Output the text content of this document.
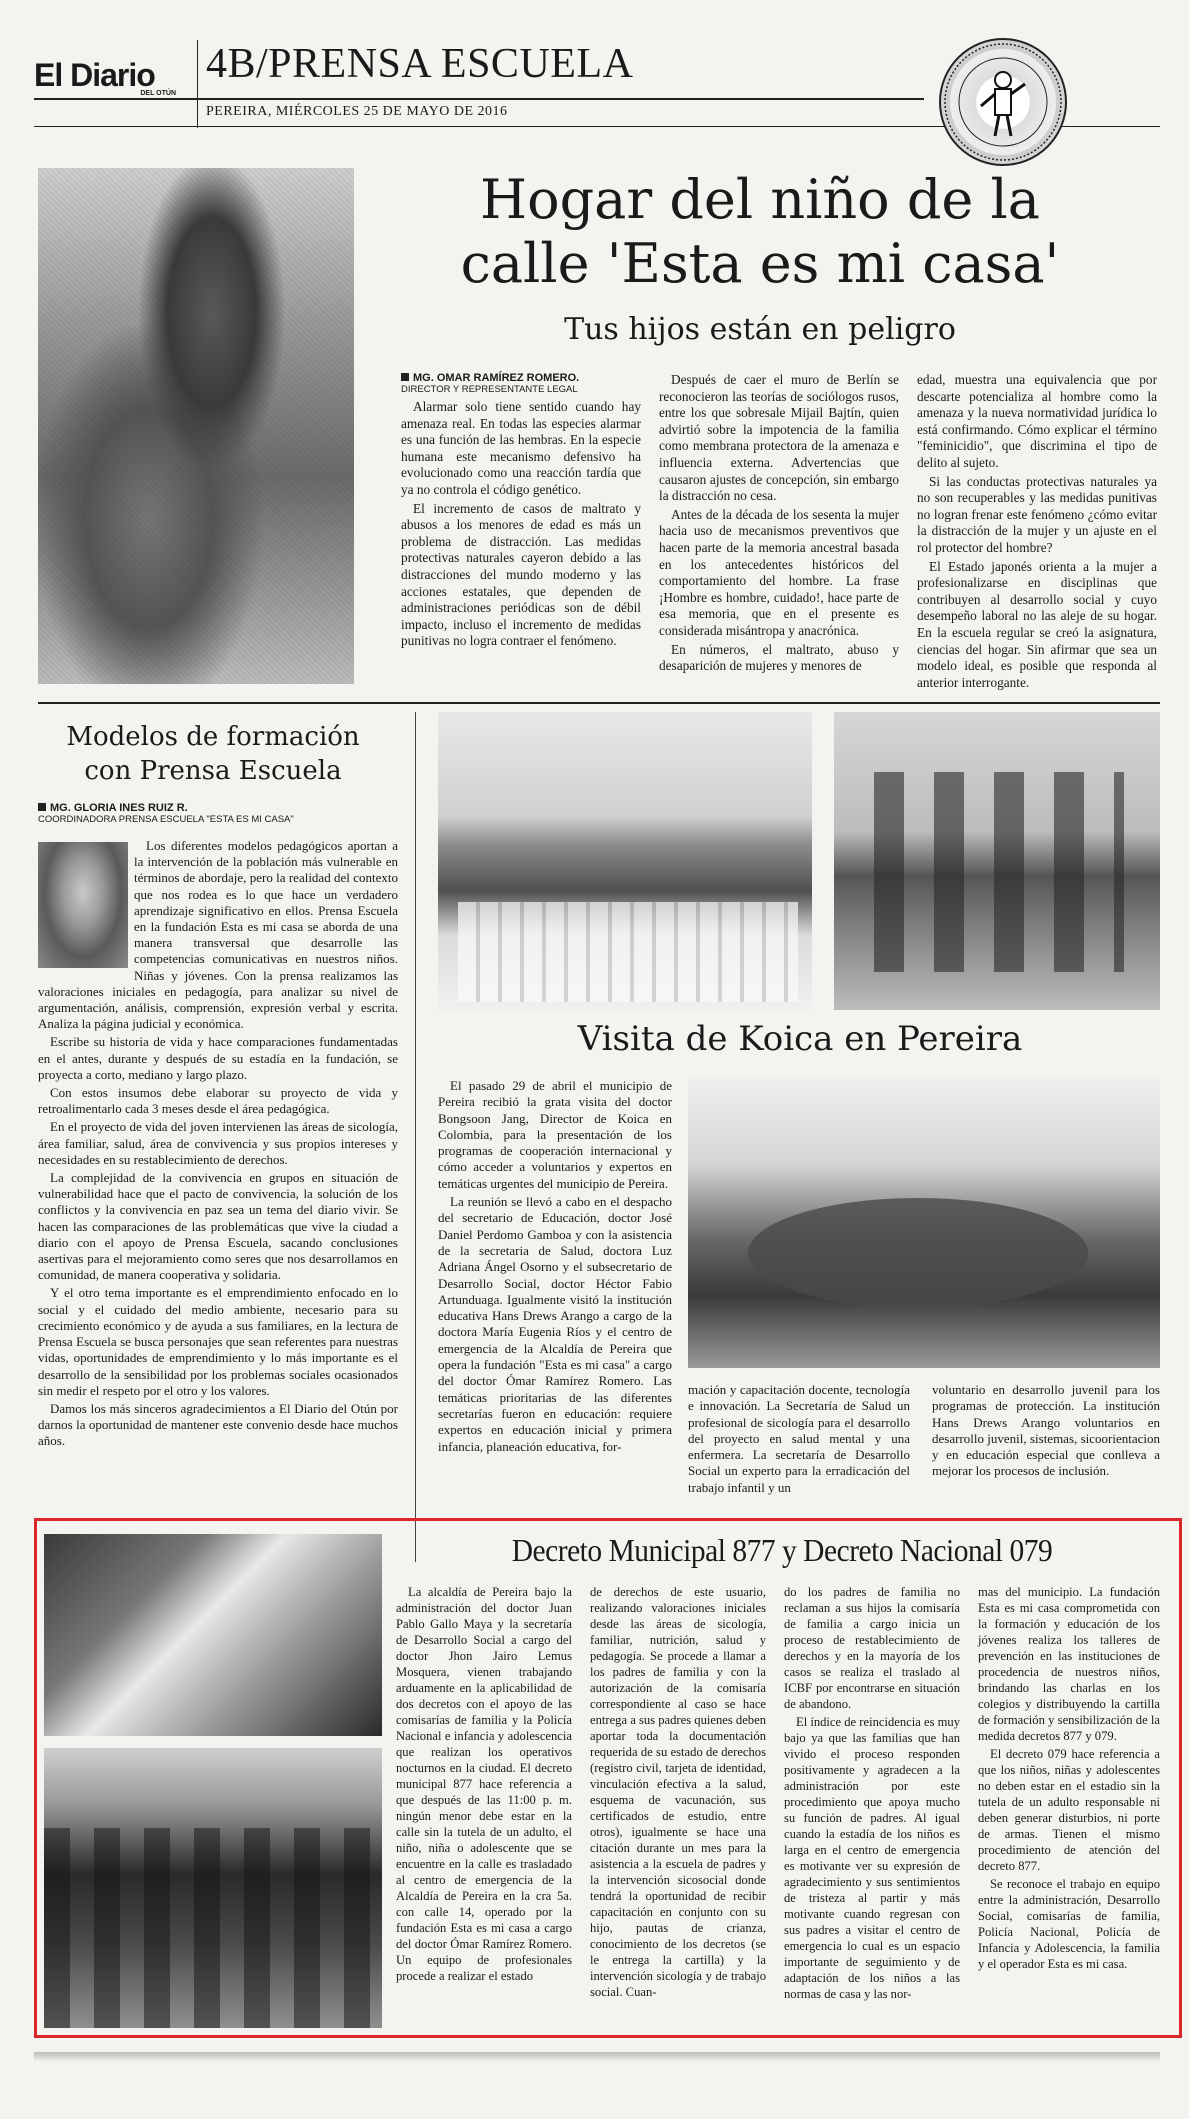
El Diario
DEL OTÚN
4B/PRENSA ESCUELA
PEREIRA, MIÉRCOLES 25 DE MAYO DE 2016
Hogar del niño de la
calle 'Esta es mi casa'
Tus hijos están en peligro

MG. OMAR RAMÍREZ ROMERO.

DIRECTOR Y REPRESENTANTE LEGAL

Alarmar solo tiene sentido cuando hay amenaza real. En todas las especies alarmar es una función de las hembras. En la especie humana este mecanismo defensivo ha evolucionado como una reacción tardía que ya no controla el código genético.

El incremento de casos de maltrato y abusos a los menores de edad es más un problema de distracción. Las medidas protectivas naturales cayeron debido a las distracciones del mundo moderno y las acciones estatales, que dependen de administraciones periódicas son de débil impacto, incluso el incremento de medidas punitivas no logra contraer el fenómeno.

Después de caer el muro de Berlín se reconocieron las teorías de sociólogos rusos, entre los que sobresale Mijail Bajtín, quien advirtió sobre la impotencia de la familia como membrana protectora de la amenaza e influencia externa. Advertencias que causaron ajustes de concepción, sin embargo la distracción no cesa.

Antes de la década de los sesenta la mujer hacia uso de mecanismos preventivos que hacen parte de la memoria ancestral basada en los antecedentes históricos del comportamiento del hombre. La frase ¡Hombre es hombre, cuidado!, hace parte de esa memoria, que en el presente es considerada misántropa y anacrónica.

En números, el maltrato, abuso y desaparición de mujeres y menores de

edad, muestra una equivalencia que por descarte potencializa al hombre como la amenaza y la nueva normatividad jurídica lo está confirmando. Cómo explicar el término "feminicidio", que discrimina el tipo de delito al sujeto.

Si las conductas protectivas naturales ya no son recuperables y las medidas punitivas no logran frenar este fenómeno ¿cómo evitar la distracción de la mujer y un ajuste en el rol protector del hombre?

El Estado japonés orienta a la mujer a profesionalizarse en disciplinas que contribuyen al desarrollo social y cuyo desempeño laboral no las aleje de su hogar. En la escuela regular se creó la asignatura, ciencias del hogar. Sin afirmar que sea un modelo ideal, es posible que responda al anterior interrogante.

Modelos de formación
con Prensa Escuela

MG. GLORIA INES RUIZ R.

COORDINADORA PRENSA ESCUELA "ESTA ES MI CASA"

Los diferentes modelos pedagógicos aportan a la intervención de la población más vulnerable en términos de abordaje, pero la realidad del contexto que nos rodea es lo que hace un verdadero aprendizaje significativo en ellos. Prensa Escuela en la fundación Esta es mi casa se aborda de una manera transversal que desarrolle las competencias comunicativas en nuestros niños. Niñas y jóvenes. Con la prensa realizamos las valoraciones iniciales en pedagogía, para analizar su nivel de argumentación, análisis, comprensión, expresión verbal y escrita. Analiza la página judicial y económica.

Escribe su historia de vida y hace comparaciones fundamentadas en el antes, durante y después de su estadía en la fundación, se proyecta a corto, mediano y largo plazo.

Con estos insumos debe elaborar su proyecto de vida y retroalimentarlo cada 3 meses desde el área pedagógica.

En el proyecto de vida del joven intervienen las áreas de sicología, área familiar, salud, área de convivencia y sus propios intereses y necesidades en su restablecimiento de derechos.

La complejidad de la convivencia en grupos en situación de vulnerabilidad hace que el pacto de convivencia, la solución de los conflictos y la convivencia en paz sea un tema del diario vivir. Se hacen las comparaciones de las problemáticas que vive la ciudad a diario con el apoyo de Prensa Escuela, sacando conclusiones asertivas para el mejoramiento como seres que nos desarrollamos en comunidad, de manera cooperativa y solidaria.

Y el otro tema importante es el emprendimiento enfocado en lo social y el cuidado del medio ambiente, necesario para su crecimiento económico y de ayuda a sus familiares, en la lectura de Prensa Escuela se busca personajes que sean referentes para nuestras vidas, oportunidades de emprendimiento y lo más importante es el desarrollo de la sensibilidad por los problemas sociales ocasionados sin medir el respeto por el otro y los valores.

Damos los más sinceros agradecimientos a El Diario del Otún por darnos la oportunidad de mantener este convenio desde hace muchos años.

Visita de Koica en Pereira

El pasado 29 de abril el municipio de Pereira recibió la grata visita del doctor Bongsoon Jang, Director de Koica en Colombia, para la presentación de los programas de cooperación internacional y cómo acceder a voluntarios y expertos en temáticas urgentes del municipio de Pereira.

La reunión se llevó a cabo en el despacho del secretario de Educación, doctor José Daniel Perdomo Gamboa y con la asistencia de la secretaria de Salud, doctora Luz Adriana Ángel Osorno y el subsecretario de Desarrollo Social, doctor Héctor Fabio Artunduaga. Igualmente visitó la institución educativa Hans Drews Arango a cargo de la doctora María Eugenia Ríos y el centro de emergencia de la Alcaldía de Pereira que opera la fundación "Esta es mi casa" a cargo del doctor Ómar Ramírez Romero. Las temáticas prioritarias de las diferentes secretarías fueron en educación: requiere expertos en educación inicial y primera infancia, planeación educativa, for-

mación y capacitación docente, tecnología e innovación. La Secretaría de Salud un profesional de sicología para el desarrollo del proyecto en salud mental y una enfermera. La secretaría de Desarrollo Social un experto para la erradicación del trabajo infantil y un

voluntario en desarrollo juvenil para los programas de protección. La institución Hans Drews Arango voluntarios en desarrollo juvenil, sistemas, sicoorientacion y en educación especial que conlleva a mejorar los procesos de inclusión.

Decreto Municipal 877 y Decreto Nacional 079

La alcaldía de Pereira bajo la administración del doctor Juan Pablo Gallo Maya y la secretaría de Desarrollo Social a cargo del doctor Jhon Jairo Lemus Mosquera, vienen trabajando arduamente en la aplicabilidad de dos decretos con el apoyo de las comisarías de familia y la Policía Nacional e infancia y adolescencia que realizan los operativos nocturnos en la ciudad. El decreto municipal 877 hace referencia a que después de las 11:00 p. m. ningún menor debe estar en la calle sin la tutela de un adulto, el niño, niña o adolescente que se encuentre en la calle es trasladado al centro de emergencia de la Alcaldía de Pereira en la cra 5a. con calle 14, operado por la fundación Esta es mi casa a cargo del doctor Ómar Ramírez Romero. Un equipo de profesionales procede a realizar el estado

de derechos de este usuario, realizando valoraciones iniciales desde las áreas de sicología, familiar, nutrición, salud y pedagogía. Se procede a llamar a los padres de familia y con la autorización de la comisaría correspondiente al caso se hace entrega a sus padres quienes deben aportar toda la documentación requerida de su estado de derechos (registro civil, tarjeta de identidad, vinculación efectiva a la salud, esquema de vacunación, sus certificados de estudio, entre otros), igualmente se hace una citación durante un mes para la asistencia a la escuela de padres y la intervención sicosocial donde tendrá la oportunidad de recibir capacitación en conjunto con su hijo, pautas de crianza, conocimiento de los decretos (se le entrega la cartilla) y la intervención sicología y de trabajo social. Cuan-

do los padres de familia no reclaman a sus hijos la comisaría de familia a cargo inicia un proceso de restablecimiento de derechos y en la mayoría de los casos se realiza el traslado al ICBF por encontrarse en situación de abandono.

El índice de reincidencia es muy bajo ya que las familias que han vivido el proceso responden positivamente y agradecen a la administración por este procedimiento que apoya mucho su función de padres. Al igual cuando la estadía de los niños es larga en el centro de emergencia es motivante ver su expresión de agradecimiento y sus sentimientos de tristeza al partir y más motivante cuando regresan con sus padres a visitar el centro de emergencia lo cual es un espacio importante de seguimiento y de adaptación de los niños a las normas de casa y las nor-

mas del municipio. La fundación Esta es mi casa comprometida con la formación y educación de los jóvenes realiza los talleres de prevención en las instituciones de procedencia de nuestros niños, brindando las charlas en los colegios y distribuyendo la cartilla de formación y sensibilización de la medida decretos 877 y 079.

El decreto 079 hace referencia a que los niños, niñas y adolescentes no deben estar en el estadio sin la tutela de un adulto responsable ni deben generar disturbios, ni porte de armas. Tienen el mismo procedimiento de atención del decreto 877.

Se reconoce el trabajo en equipo entre la administración, Desarrollo Social, comisarías de familia, Policía Nacional, Policía de Infancia y Adolescencia, la familia y el operador Esta es mi casa.
